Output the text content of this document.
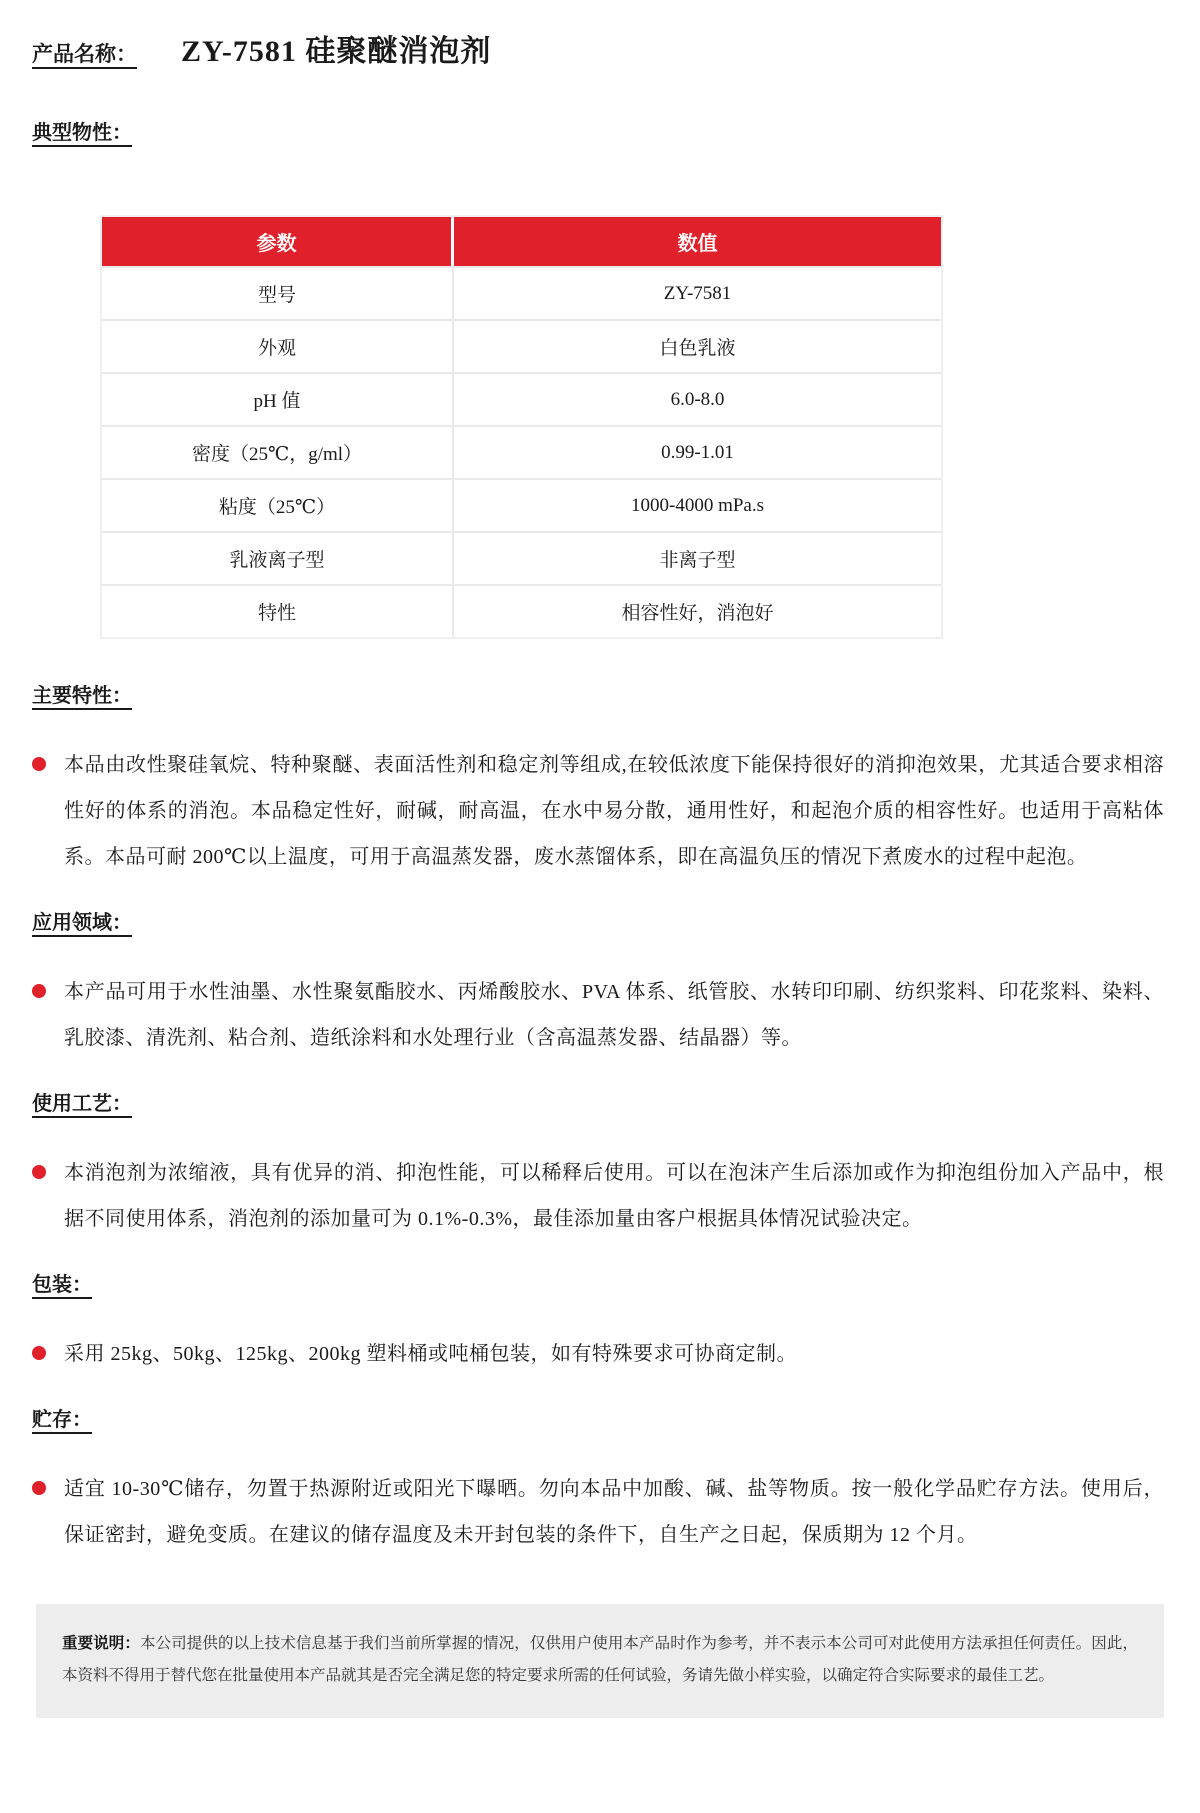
产品名称： ZY-7581 硅聚醚消泡剂
典型物性：
参数	数值
型号	ZY-7581
外观	白色乳液
pH 值	6.0-8.0
密度（25℃，g/ml）	0.99-1.01
粘度（25℃）	1000-4000 mPa.s
乳液离子型	非离子型
特性	相容性好，消泡好
主要特性：

本品由改性聚硅氧烷、特种聚醚、表面活性剂和稳定剂等组成,在较低浓度下能保持很好的消抑泡效果，尤其适合要求相溶性好的体系的消泡。本品稳定性好，耐碱，耐高温，在水中易分散，通用性好，和起泡介质的相容性好。也适用于高粘体系。本品可耐 200℃以上温度，可用于高温蒸发器，废水蒸馏体系，即在高温负压的情况下煮废水的过程中起泡。

应用领域：

本产品可用于水性油墨、水性聚氨酯胶水、丙烯酸胶水、PVA 体系、纸管胶、水转印印刷、纺织浆料、印花浆料、染料、乳胶漆、清洗剂、粘合剂、造纸涂料和水处理行业（含高温蒸发器、结晶器）等。

使用工艺：

本消泡剂为浓缩液，具有优异的消、抑泡性能，可以稀释后使用。可以在泡沫产生后添加或作为抑泡组份加入产品中，根据不同使用体系，消泡剂的添加量可为 0.1%-0.3%，最佳添加量由客户根据具体情况试验决定。

包装：

采用 25kg、50kg、125kg、200kg 塑料桶或吨桶包装，如有特殊要求可协商定制。

贮存：

适宜 10-30℃储存，勿置于热源附近或阳光下曝晒。勿向本品中加酸、碱、盐等物质。按一般化学品贮存方法。使用后，保证密封，避免变质。在建议的储存温度及未开封包装的条件下，自生产之日起，保质期为 12 个月。

重要说明：本公司提供的以上技术信息基于我们当前所掌握的情况，仅供用户使用本产品时作为参考，并不表示本公司可对此使用方法承担任何责任。因此，本资料不得用于替代您在批量使用本产品就其是否完全满足您的特定要求所需的任何试验，务请先做小样实验，以确定符合实际要求的最佳工艺。
